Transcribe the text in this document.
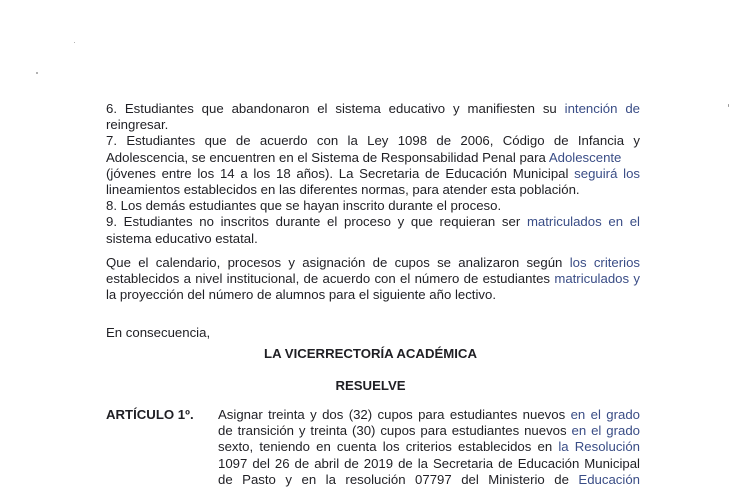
6. Estudiantes que abandonaron el sistema educativo y manifiesten su intención de
reingresar.
7. Estudiantes que de acuerdo con la Ley 1098 de 2006, Código de Infancia y
Adolescencia, se encuentren en el Sistema de Responsabilidad Penal para Adolescente
(jóvenes entre los 14 a los 18 años). La Secretaria de Educación Municipal seguirá los
lineamientos establecidos en las diferentes normas, para atender esta población.
8. Los demás estudiantes que se hayan inscrito durante el proceso.
9. Estudiantes no inscritos durante el proceso y que requieran ser matriculados en el
sistema educativo estatal.
Que el calendario, procesos y asignación de cupos se analizaron según los criterios
establecidos a nivel institucional, de acuerdo con el número de estudiantes matriculados y
la proyección del número de alumnos para el siguiente año lectivo.
En consecuencia,
LA VICERRECTORÍA ACADÉMICA
RESUELVE
ARTÍCULO 1º. Asignar treinta y dos (32) cupos para estudiantes nuevos en el grado
de transición y treinta (30) cupos para estudiantes nuevos en el grado
sexto, teniendo en cuenta los criterios establecidos en la Resolución
1097 del 26 de abril de 2019 de la Secretaria de Educación Municipal
de Pasto y en la resolución 07797 del Ministerio de Educación
